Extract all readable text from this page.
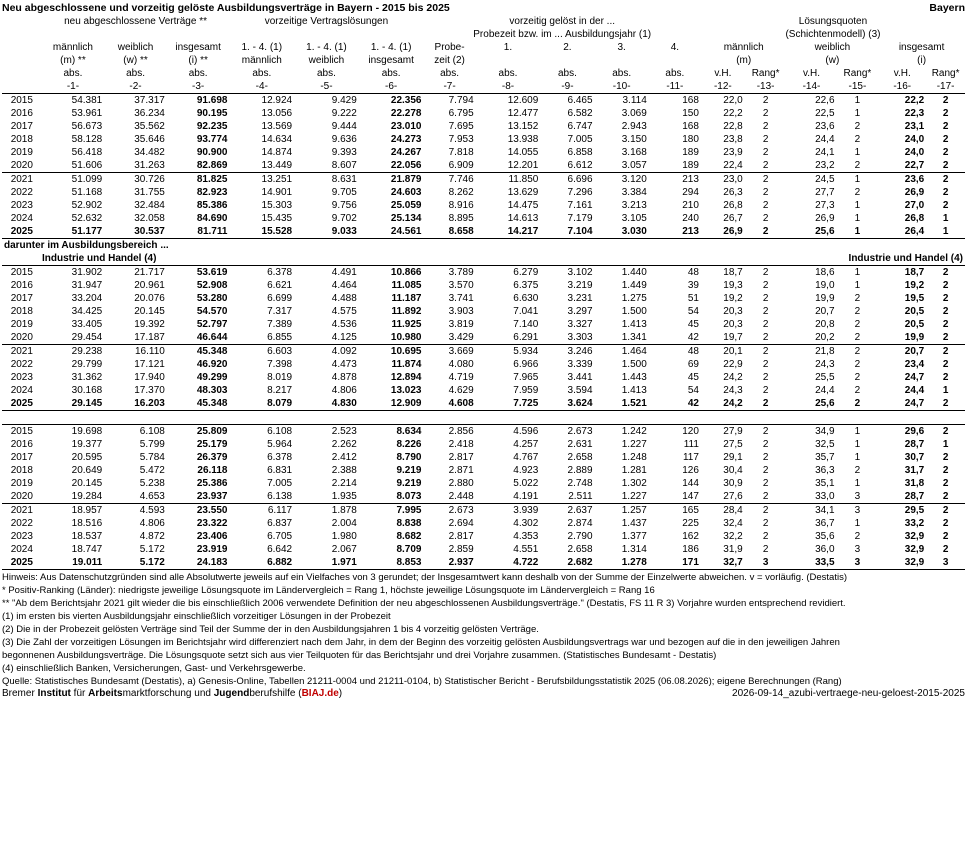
Neu abgeschlossene und vorzeitig gelöste Ausbildungsverträge in Bayern - 2015 bis 2025	Bayern
	neu abgeschlossene Verträge **			vorzeitige Vertragslösungen			vorzeitig gelöst in der ...					Lösungsquoten					
							Probezeit bzw. im ... Ausbildungsjahr (1)					(Schichtenmodell) (3)					
	männlich	weiblich	insgesamt	1. - 4. (1)	1. - 4. (1)	1. - 4. (1)	Probe-	1.	2.	3.	4.	männlich		weiblich		insgesamt	
	(m) **	(w) **	(i) **	männlich	weiblich	insgesamt	zeit (2)					(m)		(w)		(i)	
	abs.	abs.	abs.	abs.	abs.	abs.	abs.	abs.	abs.	abs.	abs.	v.H.	Rang*	v.H.	Rang*	v.H.	Rang*
	-1-	-2-	-3-	-4-	-5-	-6-	-7-	-8-	-9-	-10-	-11-	-12-	-13-	-14-	-15-	-16-	-17-
2015	54.381	37.317	91.698	12.924	9.429	22.356	7.794	12.609	6.465	3.114	168	22,0	2	22,6	1	22,2	2
2016	53.961	36.234	90.195	13.056	9.222	22.278	6.795	12.477	6.582	3.069	150	22,2	2	22,5	1	22,3	2
2017	56.673	35.562	92.235	13.569	9.444	23.010	7.695	13.152	6.747	2.943	168	22,8	2	23,6	2	23,1	2
2018	58.128	35.646	93.774	14.634	9.636	24.273	7.953	13.938	7.005	3.150	180	23,8	2	24,4	2	24,0	2
2019	56.418	34.482	90.900	14.874	9.393	24.267	7.818	14.055	6.858	3.168	189	23,9	2	24,1	1	24,0	2
2020	51.606	31.263	82.869	13.449	8.607	22.056	6.909	12.201	6.612	3.057	189	22,4	2	23,2	2	22,7	2
2021	51.099	30.726	81.825	13.251	8.631	21.879	7.746	11.850	6.696	3.120	213	23,0	2	24,5	1	23,6	2
2022	51.168	31.755	82.923	14.901	9.705	24.603	8.262	13.629	7.296	3.384	294	26,3	2	27,7	2	26,9	2
2023	52.902	32.484	85.386	15.303	9.756	25.059	8.916	14.475	7.161	3.213	210	26,8	2	27,3	1	27,0	2
2024	52.632	32.058	84.690	15.435	9.702	25.134	8.895	14.613	7.179	3.105	240	26,7	2	26,9	1	26,8	1
2025	51.177	30.537	81.711	15.528	9.033	24.561	8.658	14.217	7.104	3.030	213	26,9	2	25,6	1	26,4	1
darunter im Ausbildungsbereich ...																	
Industrie und Handel (4)												Industrie und Handel (4)					
2015	31.902	21.717	53.619	6.378	4.491	10.866	3.789	6.279	3.102	1.440	48	18,7	2	18,6	1	18,7	2
2016	31.947	20.961	52.908	6.621	4.464	11.085	3.570	6.375	3.219	1.449	39	19,3	2	19,0	1	19,2	2
2017	33.204	20.076	53.280	6.699	4.488	11.187	3.741	6.630	3.231	1.275	51	19,2	2	19,9	2	19,5	2
2018	34.425	20.145	54.570	7.317	4.575	11.892	3.903	7.041	3.297	1.500	54	20,3	2	20,7	2	20,5	2
2019	33.405	19.392	52.797	7.389	4.536	11.925	3.819	7.140	3.327	1.413	45	20,3	2	20,8	2	20,5	2
2020	29.454	17.187	46.644	6.855	4.125	10.980	3.429	6.291	3.303	1.341	42	19,7	2	20,2	2	19,9	2
2021	29.238	16.110	45.348	6.603	4.092	10.695	3.669	5.934	3.246	1.464	48	20,1	2	21,8	2	20,7	2
2022	29.799	17.121	46.920	7.398	4.473	11.874	4.080	6.966	3.339	1.500	69	22,9	2	24,3	2	23,4	2
2023	31.362	17.940	49.299	8.019	4.878	12.894	4.719	7.965	3.441	1.443	45	24,2	2	25,5	2	24,7	2
2024	30.168	17.370	48.303	8.217	4.806	13.023	4.629	7.959	3.594	1.413	54	24,3	2	24,4	2	24,4	1
2025	29.145	16.203	45.348	8.079	4.830	12.909	4.608	7.725	3.624	1.521	42	24,2	2	25,6	2	24,7	2

2015	19.698	6.108	25.809	6.108	2.523	8.634	2.856	4.596	2.673	1.242	120	27,9	2	34,9	1	29,6	2
2016	19.377	5.799	25.179	5.964	2.262	8.226	2.418	4.257	2.631	1.227	111	27,5	2	32,5	1	28,7	1
2017	20.595	5.784	26.379	6.378	2.412	8.790	2.817	4.767	2.658	1.248	117	29,1	2	35,7	1	30,7	2
2018	20.649	5.472	26.118	6.831	2.388	9.219	2.871	4.923	2.889	1.281	126	30,4	2	36,3	2	31,7	2
2019	20.145	5.238	25.386	7.005	2.214	9.219	2.880	5.022	2.748	1.302	144	30,9	2	35,1	1	31,8	2
2020	19.284	4.653	23.937	6.138	1.935	8.073	2.448	4.191	2.511	1.227	147	27,6	2	33,0	3	28,7	2
2021	18.957	4.593	23.550	6.117	1.878	7.995	2.673	3.939	2.637	1.257	165	28,4	2	34,1	3	29,5	2
2022	18.516	4.806	23.322	6.837	2.004	8.838	2.694	4.302	2.874	1.437	225	32,4	2	36,7	1	33,2	2
2023	18.537	4.872	23.406	6.705	1.980	8.682	2.817	4.353	2.790	1.377	162	32,2	2	35,6	2	32,9	2
2024	18.747	5.172	23.919	6.642	2.067	8.709	2.859	4.551	2.658	1.314	186	31,9	2	36,0	3	32,9	2
2025	19.011	5.172	24.183	6.882	1.971	8.853	2.937	4.722	2.682	1.278	171	32,7	3	33,5	3	32,9	3
Hinweis: Aus Datenschutzgründen sind alle Absolutwerte jeweils auf ein Vielfaches von 3 gerundet; der Insgesamtwert kann deshalb von der Summe der Einzelwerte abweichen. v = vorläufig. (Destatis)
* Positiv-Ranking (Länder): niedrigste jeweilige Lösungsquote im Ländervergleich = Rang 1, höchste jeweilige Lösungsquote im Ländervergleich = Rang 16
** "Ab dem Berichtsjahr 2021 gilt wieder die bis einschließlich 2006 verwendete Definition der neu abgeschlossenen Ausbildungsverträge." (Destatis, FS 11 R 3) Vorjahre wurden entsprechend revidiert.
(1) im ersten bis vierten Ausbildungsjahr einschließlich vorzeitiger Lösungen in der Probezeit
(2) Die in der Probezeit gelösten Verträge sind Teil der Summe der in den Ausbildungsjahren 1 bis 4 vorzeitig gelösten Verträge.
(3) Die Zahl der vorzeitigen Lösungen im Berichtsjahr wird differenziert nach dem Jahr, in dem der Beginn des vorzeitig gelösten Ausbildungsvertrags war und bezogen auf die in den jeweiligen Jahren
begonnenen Ausbildungsverträge. Die Lösungsquote setzt sich aus vier Teilquoten für das Berichtsjahr und drei Vorjahre zusammen. (Statistisches Bundesamt - Destatis)
(4) einschließlich Banken, Versicherungen, Gast- und Verkehrsgewerbe.
Quelle: Statistisches Bundesamt (Destatis), a) Genesis-Online, Tabellen 21211-0004 und 21211-0104, b) Statistischer Bericht - Berufsbildungsstatistik 2025 (06.08.2026); eigene Berechnungen (Rang)
Bremer Institut für Arbeitsmarktforschung und Jugendberufshilfe (BIAJ.de)	2026-09-14_azubi-vertraege-neu-geloest-2015-2025
